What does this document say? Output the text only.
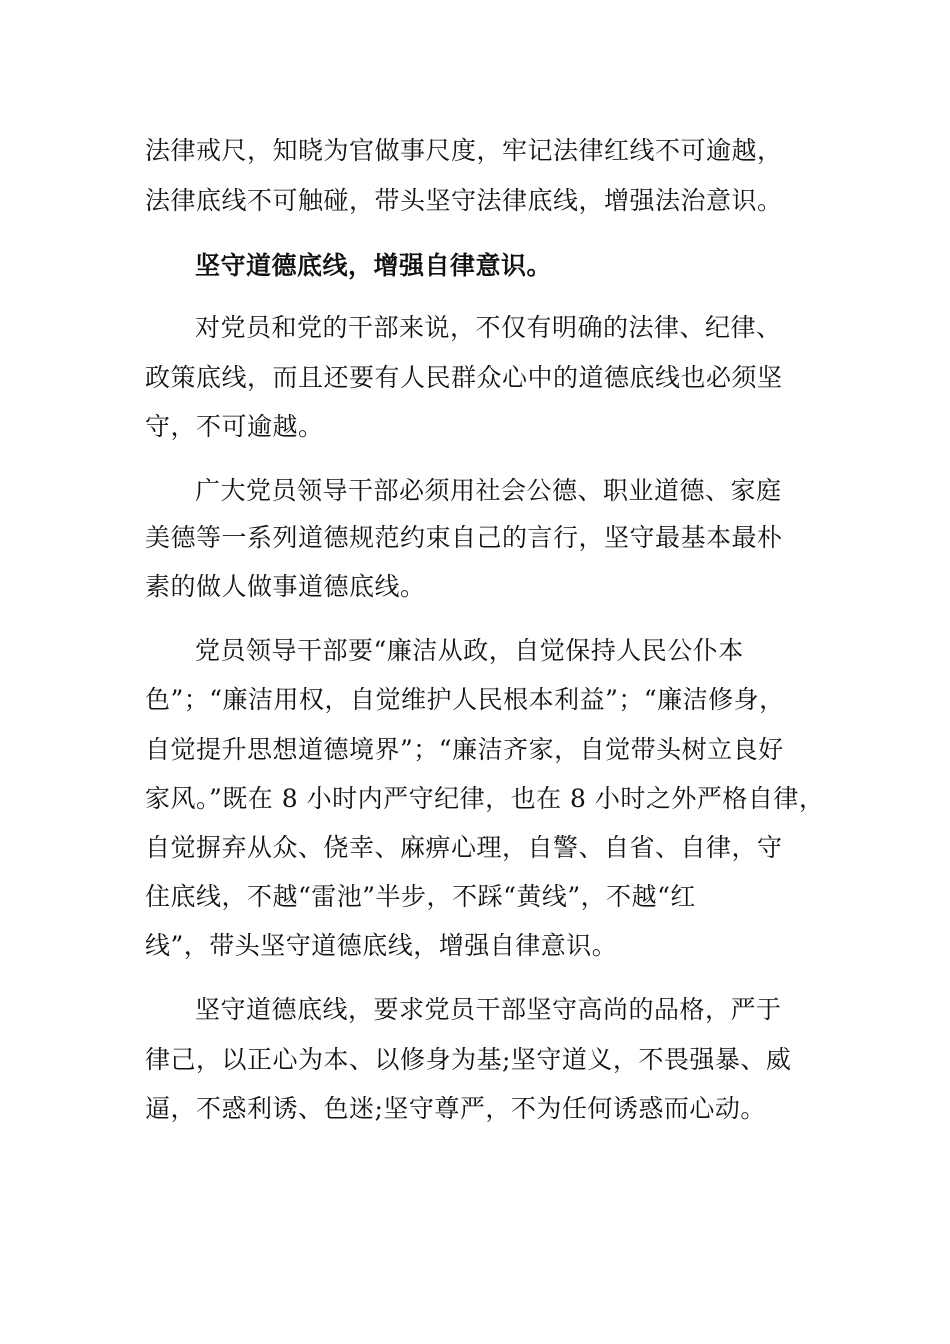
法律戒尺，知晓为官做事尺度，牢记法律红线不可逾越，
法律底线不可触碰，带头坚守法律底线，增强法治意识。
坚守道德底线，增强自律意识。
对党员和党的干部来说，不仅有明确的法律、纪律、
政策底线，而且还要有人民群众心中的道德底线也必须坚
守，不可逾越。
广大党员领导干部必须用社会公德、职业道德、家庭
美德等一系列道德规范约束自己的言行，坚守最基本最朴
素的做人做事道德底线。
党员领导干部要“廉洁从政，自觉保持人民公仆本
色”；“廉洁用权，自觉维护人民根本利益”；“廉洁修身，
自觉提升思想道德境界”；“廉洁齐家，自觉带头树立良好
家风。”既在 8 小时内严守纪律，也在 8 小时之外严格自律，
自觉摒弃从众、侥幸、麻痹心理，自警、自省、自律，守
住底线，不越“雷池”半步，不踩“黄线”，不越“红
线”，带头坚守道德底线，增强自律意识。
坚守道德底线，要求党员干部坚守高尚的品格，严于
律己，以正心为本、以修身为基;坚守道义，不畏强暴、威
逼，不惑利诱、色迷;坚守尊严，不为任何诱惑而心动。
